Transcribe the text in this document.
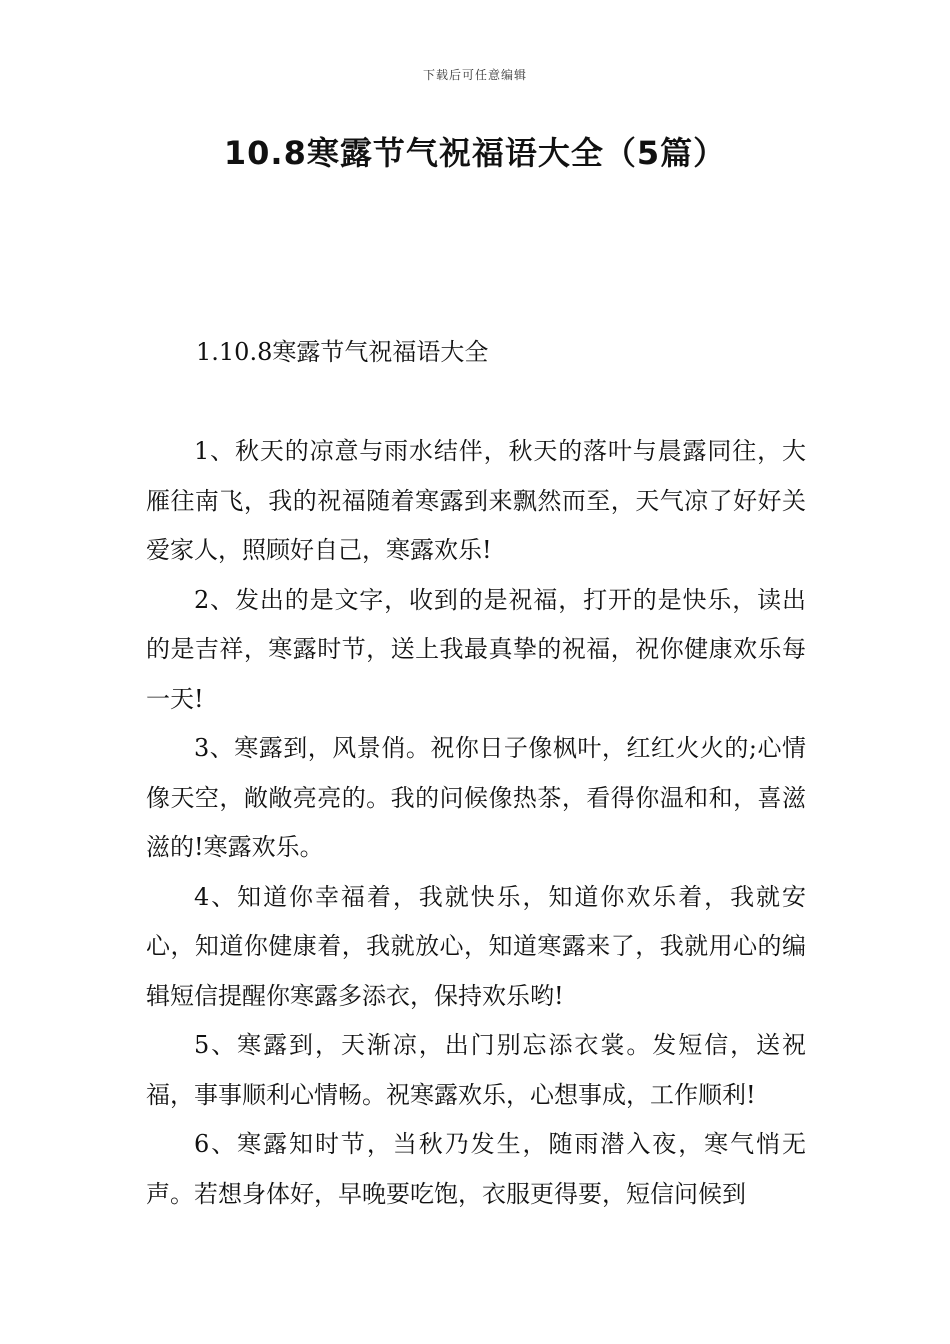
下载后可任意编辑
10.8寒露节气祝福语大全（5篇）
1.10.8寒露节气祝福语大全

1、秋天的凉意与雨水结伴，秋天的落叶与晨露同往，大雁往南飞，我的祝福随着寒露到来飘然而至，天气凉了好好关爱家人，照顾好自己，寒露欢乐!

2、发出的是文字，收到的是祝福，打开的是快乐，读出的是吉祥，寒露时节，送上我最真挚的祝福，祝你健康欢乐每一天!

3、寒露到，风景俏。祝你日子像枫叶，红红火火的;心情像天空，敞敞亮亮的。我的问候像热茶，看得你温和和，喜滋滋的!寒露欢乐。

4、知道你幸福着，我就快乐，知道你欢乐着，我就安心，知道你健康着，我就放心，知道寒露来了，我就用心的编辑短信提醒你寒露多添衣，保持欢乐哟!

5、寒露到，天渐凉，出门别忘添衣裳。发短信，送祝福，事事顺利心情畅。祝寒露欢乐，心想事成，工作顺利!

6、寒露知时节，当秋乃发生，随雨潜入夜，寒气悄无声。若想身体好，早晚要吃饱，衣服更得要，短信问候到
